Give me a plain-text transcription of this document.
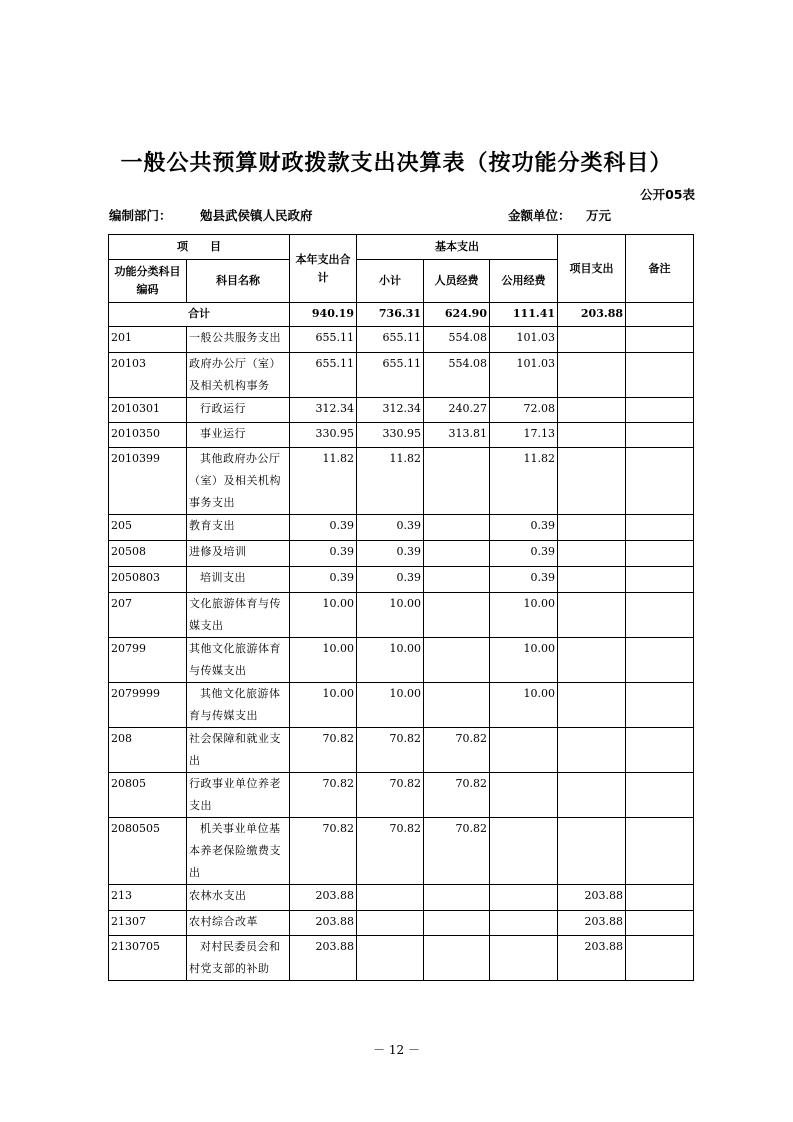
一般公共预算财政拨款支出决算表（按功能分类科目）
公开05表
编制部门： 勉县武侯镇人民政府	金额单位： 万元
项　　目		本年支出合计	基本支出			项目支出	备注
功能分类科目编码	科目名称		小计	人员经费	公用经费		
合计		940.19	736.31	624.90	111.41	203.88	
201	一般公共服务支出	655.11	655.11	554.08	101.03		
20103	政府办公厅（室）及相关机构事务	655.11	655.11	554.08	101.03		
2010301	行政运行	312.34	312.34	240.27	72.08		
2010350	事业运行	330.95	330.95	313.81	17.13		
2010399	其他政府办公厅（室）及相关机构事务支出	11.82	11.82		11.82		
205	教育支出	0.39	0.39		0.39		
20508	进修及培训	0.39	0.39		0.39		
2050803	培训支出	0.39	0.39		0.39		
207	文化旅游体育与传媒支出	10.00	10.00		10.00		
20799	其他文化旅游体育与传媒支出	10.00	10.00		10.00		
2079999	其他文化旅游体育与传媒支出	10.00	10.00		10.00		
208	社会保障和就业支出	70.82	70.82	70.82			
20805	行政事业单位养老支出	70.82	70.82	70.82			
2080505	机关事业单位基本养老保险缴费支出	70.82	70.82	70.82			
213	农林水支出	203.88				203.88	
21307	农村综合改革	203.88				203.88	
2130705	对村民委员会和村党支部的补助	203.88				203.88	
－ 12 －
